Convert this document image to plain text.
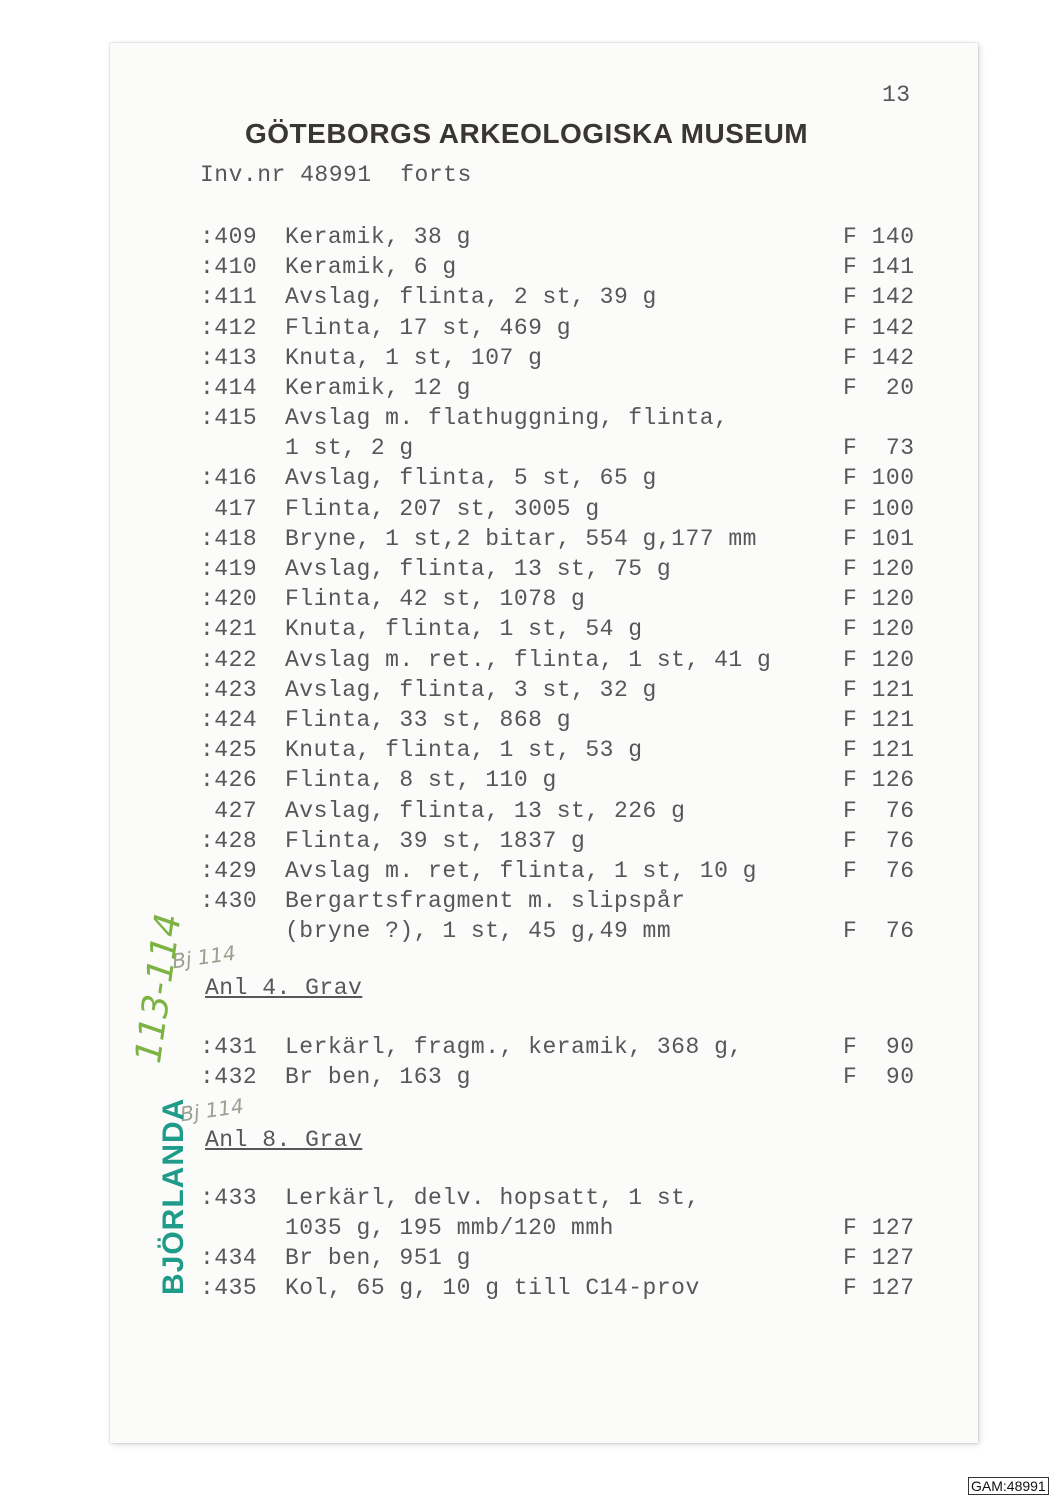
13
GÖTEBORGS ARKEOLOGISKA MUSEUM
Inv.nr 48991  forts
:409 Keramik, 38 g	F 140
:410 Keramik, 6 g	F 141
:411 Avslag, flinta, 2 st, 39 g	F 142
:412 Flinta, 17 st, 469 g	F 142
:413 Knuta, 1 st, 107 g	F 142
:414 Keramik, 12 g	F  20
:415 Avslag m. flathuggning, flinta,
1 st, 2 g	F  73
:416 Avslag, flinta, 5 st, 65 g	F 100
417 Flinta, 207 st, 3005 g	F 100
:418 Bryne, 1 st,2 bitar, 554 g,177 mm	F 101
:419 Avslag, flinta, 13 st, 75 g	F 120
:420 Flinta, 42 st, 1078 g	F 120
:421 Knuta, flinta, 1 st, 54 g	F 120
:422 Avslag m. ret., flinta, 1 st, 41 g	F 120
:423 Avslag, flinta, 3 st, 32 g	F 121
:424 Flinta, 33 st, 868 g	F 121
:425 Knuta, flinta, 1 st, 53 g	F 121
:426 Flinta, 8 st, 110 g	F 126
427 Avslag, flinta, 13 st, 226 g	F  76
:428 Flinta, 39 st, 1837 g	F  76
:429 Avslag m. ret, flinta, 1 st, 10 g	F  76
:430 Bergartsfragment m. slipspår
(bryne ?), 1 st, 45 g,49 mm	F  76
Anl 4. Grav
Bj 114
:431 Lerkärl, fragm., keramik, 368 g,	F  90
:432 Br ben, 163 g	F  90
Anl 8. Grav
Bj 114
:433 Lerkärl, delv. hopsatt, 1 st,
1035 g, 195 mmb/120 mmh	F 127
:434 Br ben, 951 g	F 127
:435 Kol, 65 g, 10 g till C14-prov	F 127
BJÖRLANDA
113-114
GAM:48991
